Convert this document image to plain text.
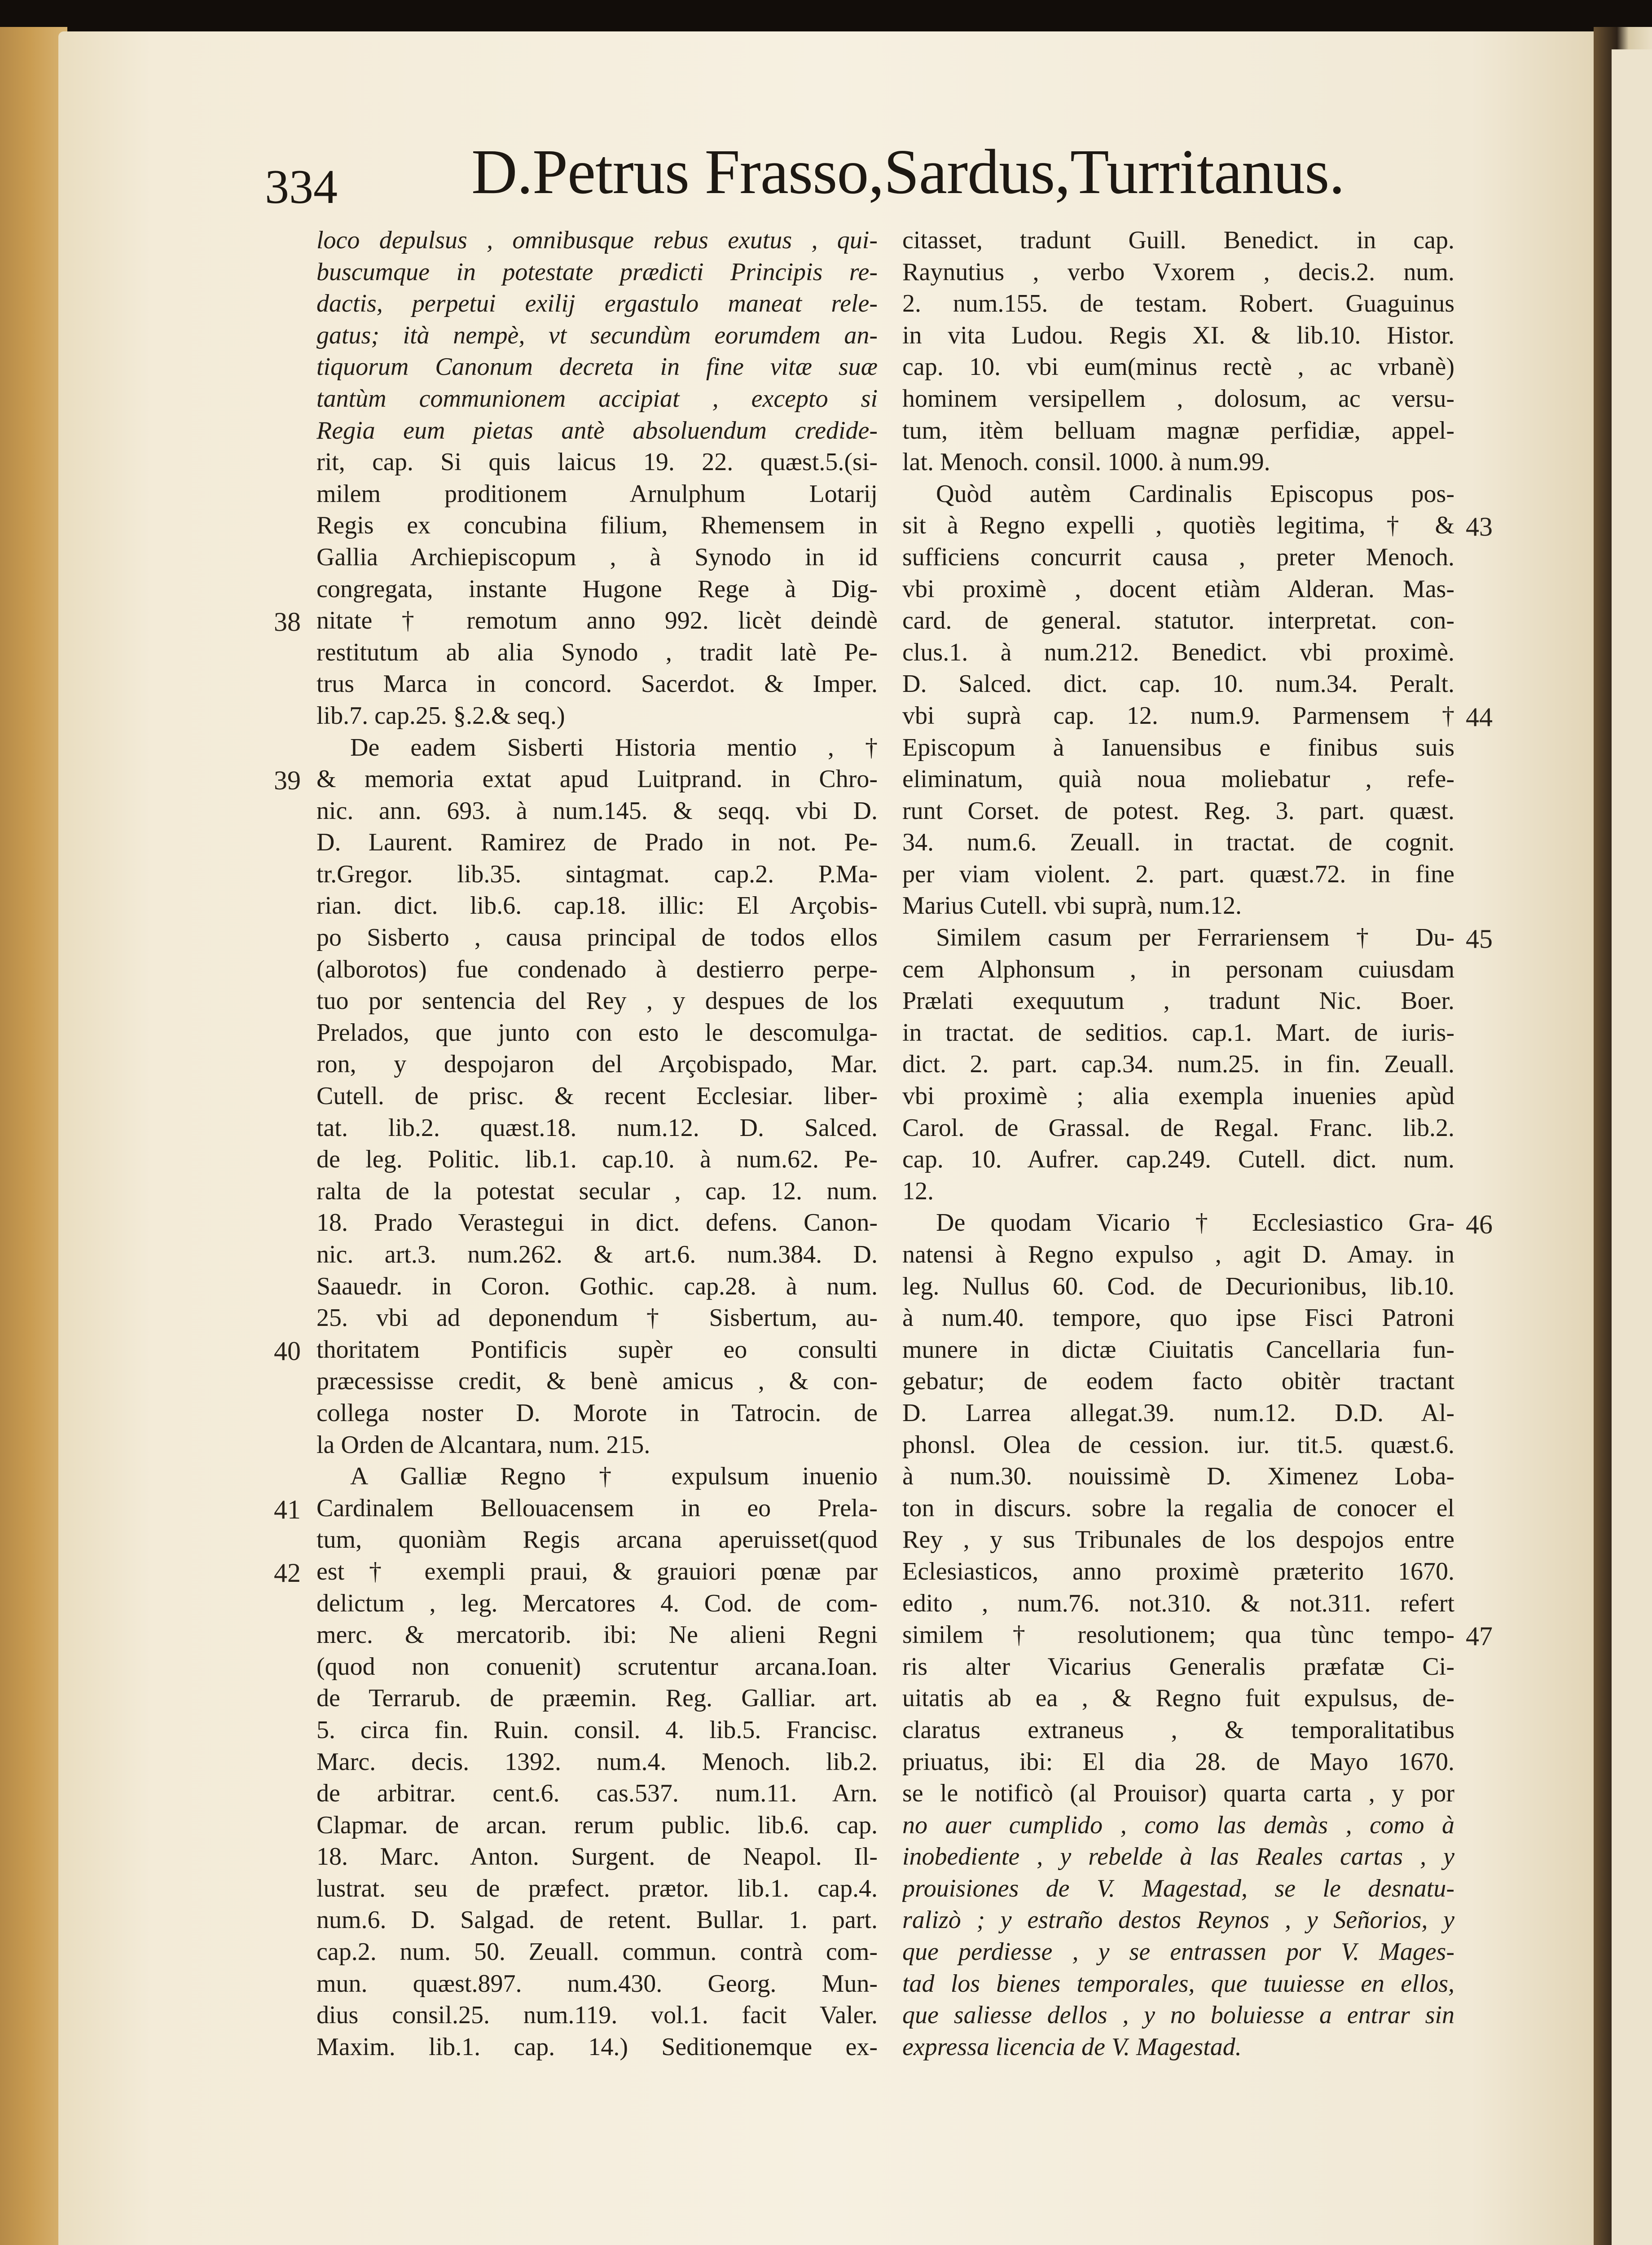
334 D.Petrus Frasso,Sardus,Turritanus.
loco depulsus , omnibusque rebus exutus , qui-
buscumque in potestate prædicti Principis re-
dactis, perpetui exilij ergastulo maneat rele-
gatus; ità nempè, vt secundùm eorumdem an-
tiquorum Canonum decreta in fine vitæ suæ
tantùm communionem accipiat , excepto si
Regia eum pietas antè absoluendum credide-
rit, cap. Si quis laicus 19. 22. quæst.5.(si-
milem proditionem Arnulphum Lotarij
Regis ex concubina filium, Rhemensem in
Gallia Archiepiscopum , à Synodo in id
congregata, instante Hugone Rege à Dig-
nitate † remotum anno 992. licèt deindè
restitutum ab alia Synodo , tradit latè Pe-
trus Marca in concord. Sacerdot. & Imper.
lib.7. cap.25. §.2.& seq.)
De eadem Sisberti Historia mentio , †
& memoria extat apud Luitprand. in Chro-
nic. ann. 693. à num.145. & seqq. vbi D.
D. Laurent. Ramirez de Prado in not. Pe-
tr.Gregor. lib.35. sintagmat. cap.2. P.Ma-
rian. dict. lib.6. cap.18. illic: El Arçobis-
po Sisberto , causa principal de todos ellos
(alborotos) fue condenado à destierro perpe-
tuo por sentencia del Rey , y despues de los
Prelados, que junto con esto le descomulga-
ron, y despojaron del Arçobispado, Mar.
Cutell. de prisc. & recent Ecclesiar. liber-
tat. lib.2. quæst.18. num.12. D. Salced.
de leg. Politic. lib.1. cap.10. à num.62. Pe-
ralta de la potestat secular , cap. 12. num.
18. Prado Verastegui in dict. defens. Canon-
nic. art.3. num.262. & art.6. num.384. D.
Saauedr. in Coron. Gothic. cap.28. à num.
25. vbi ad deponendum † Sisbertum, au-
thoritatem Pontificis supèr eo consulti
præcessisse credit, & benè amicus , & con-
collega noster D. Morote in Tatrocin. de
la Orden de Alcantara, num. 215.
A Galliæ Regno † expulsum inuenio
Cardinalem Bellouacensem in eo Prela-
tum, quoniàm Regis arcana aperuisset(quod
est † exempli praui, & grauiori pœnæ par
delictum , leg. Mercatores 4. Cod. de com-
merc. & mercatorib. ibi: Ne alieni Regni
(quod non conuenit) scrutentur arcana.Ioan.
de Terrarub. de præemin. Reg. Galliar. art.
5. circa fin. Ruin. consil. 4. lib.5. Francisc.
Marc. decis. 1392. num.4. Menoch. lib.2.
de arbitrar. cent.6. cas.537. num.11. Arn.
Clapmar. de arcan. rerum public. lib.6. cap.
18. Marc. Anton. Surgent. de Neapol. Il-
lustrat. seu de præfect. prætor. lib.1. cap.4.
num.6. D. Salgad. de retent. Bullar. 1. part.
cap.2. num. 50. Zeuall. commun. contrà com-
mun. quæst.897. num.430. Georg. Mun-
dius consil.25. num.119. vol.1. facit Valer.
Maxim. lib.1. cap. 14.) Seditionemque ex-
citasset, tradunt Guill. Benedict. in cap.
Raynutius , verbo Vxorem , decis.2. num.
2. num.155. de testam. Robert. Guaguinus
in vita Ludou. Regis XI. & lib.10. Histor.
cap. 10. vbi eum(minus rectè , ac vrbanè)
hominem versipellem , dolosum, ac versu-
tum, itèm belluam magnæ perfidiæ, appel-
lat. Menoch. consil. 1000. à num.99.
Quòd autèm Cardinalis Episcopus pos-
sit à Regno expelli , quotiès legitima, † &
sufficiens concurrit causa , preter Menoch.
vbi proximè , docent etiàm Alderan. Mas-
card. de general. statutor. interpretat. con-
clus.1. à num.212. Benedict. vbi proximè.
D. Salced. dict. cap. 10. num.34. Peralt.
vbi suprà cap. 12. num.9. Parmensem †
Episcopum à Ianuensibus e finibus suis
eliminatum, quià noua moliebatur , refe-
runt Corset. de potest. Reg. 3. part. quæst.
34. num.6. Zeuall. in tractat. de cognit.
per viam violent. 2. part. quæst.72. in fine
Marius Cutell. vbi suprà, num.12.
Similem casum per Ferrariensem † Du-
cem Alphonsum , in personam cuiusdam
Prælati exequutum , tradunt Nic. Boer.
in tractat. de seditios. cap.1. Mart. de iuris-
dict. 2. part. cap.34. num.25. in fin. Zeuall.
vbi proximè ; alia exempla inuenies apùd
Carol. de Grassal. de Regal. Franc. lib.2.
cap. 10. Aufrer. cap.249. Cutell. dict. num.
12.
De quodam Vicario † Ecclesiastico Gra-
natensi à Regno expulso , agit D. Amay. in
leg. Nullus 60. Cod. de Decurionibus, lib.10.
à num.40. tempore, quo ipse Fisci Patroni
munere in dictæ Ciuitatis Cancellaria fun-
gebatur; de eodem facto obitèr tractant
D. Larrea allegat.39. num.12. D.D. Al-
phonsl. Olea de cession. iur. tit.5. quæst.6.
à num.30. nouissimè D. Ximenez Loba-
ton in discurs. sobre la regalia de conocer el
Rey , y sus Tribunales de los despojos entre
Eclesiasticos, anno proximè præterito 1670.
edito , num.76. not.310. & not.311. refert
similem † resolutionem; qua tùnc tempo-
ris alter Vicarius Generalis præfatæ Ci-
uitatis ab ea , & Regno fuit expulsus, de-
claratus extraneus , & temporalitatibus
priuatus, ibi: El dia 28. de Mayo 1670.
se le notificò (al Prouisor) quarta carta , y por
no auer cumplido , como las demàs , como à
inobediente , y rebelde à las Reales cartas , y
prouisiones de V. Magestad, se le desnatu-
ralizò ; y estraño destos Reynos , y Señorios, y
que perdiesse , y se entrassen por V. Mages-
tad los bienes temporales, que tuuiesse en ellos,
que saliesse dellos , y no boluiesse a entrar sin
expressa licencia de V. Magestad.
38
39
40
41
42
43
44
45
46
47
